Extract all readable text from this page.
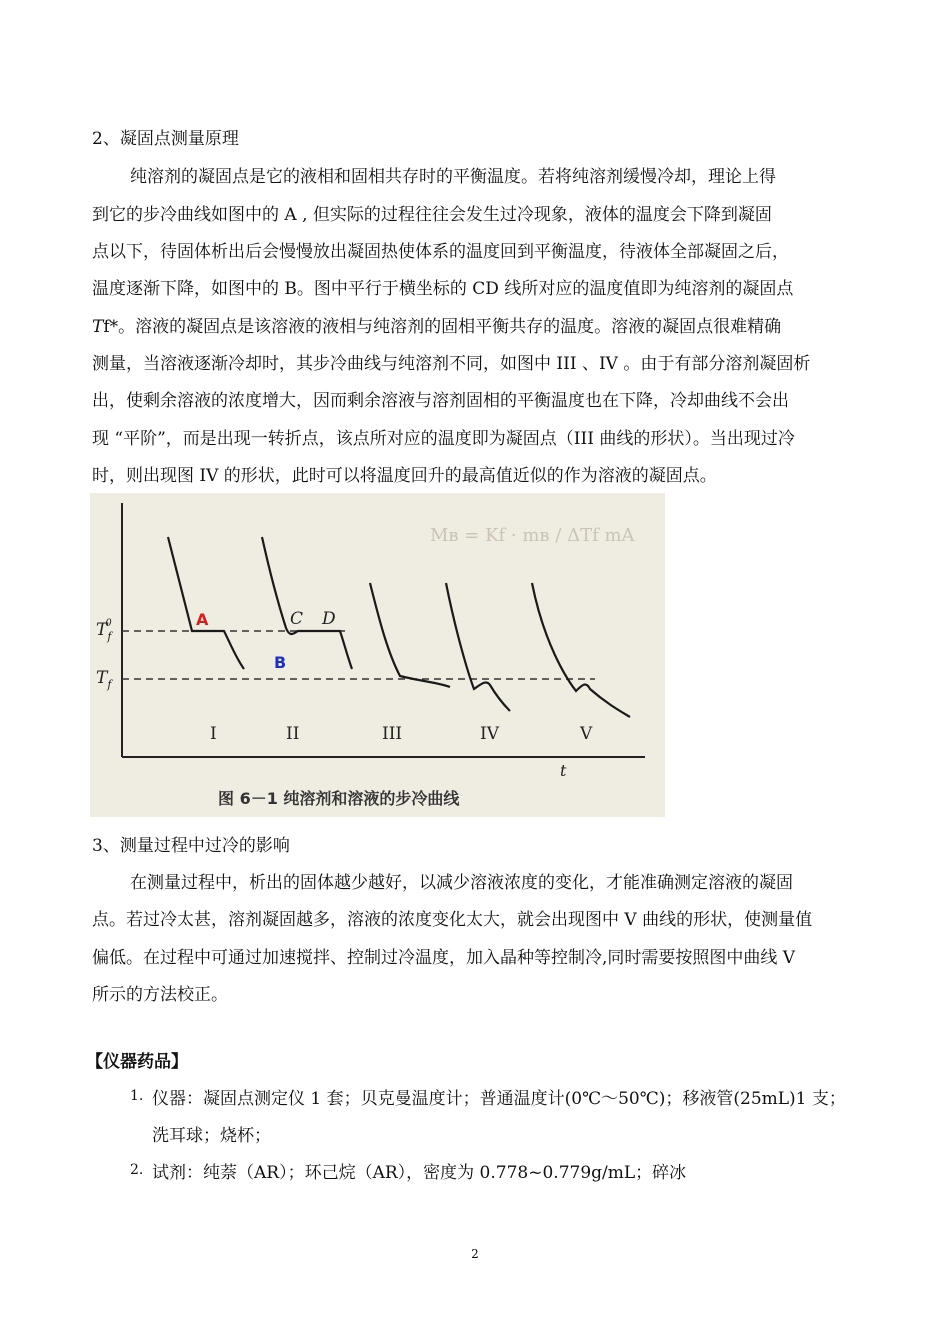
2、凝固点测量原理
纯溶剂的凝固点是它的液相和固相共存时的平衡温度。若将纯溶剂缓慢冷却，理论上得
到它的步冷曲线如图中的 A , 但实际的过程往往会发生过冷现象，液体的温度会下降到凝固
点以下，待固体析出后会慢慢放出凝固热使体系的温度回到平衡温度，待液体全部凝固之后，
温度逐渐下降，如图中的 B。图中平行于横坐标的 CD 线所对应的温度值即为纯溶剂的凝固点
Tf*。溶液的凝固点是该溶液的液相与纯溶剂的固相平衡共存的温度。溶液的凝固点很难精确
测量，当溶液逐渐冷却时，其步冷曲线与纯溶剂不同，如图中 III 、IV 。由于有部分溶剂凝固析
出，使剩余溶液的浓度增大，因而剩余溶液与溶剂固相的平衡温度也在下降，冷却曲线不会出
现 “平阶”，而是出现一转折点，该点所对应的温度即为凝固点（III 曲线的形状）。当出现过冷
时，则出现图 IV 的形状，此时可以将温度回升的最高值近似的作为溶液的凝固点。
Mв = Kf · mв / ΔTf mA
$T_f0$
$T_f$
t
A
B
C D
I	II	III	IV	V
图 6－1 纯溶剂和溶液的步冷曲线
3、测量过程中过冷的影响
在测量过程中，析出的固体越少越好，以减少溶液浓度的变化，才能准确测定溶液的凝固
点。若过冷太甚，溶剂凝固越多，溶液的浓度变化太大，就会出现图中 V 曲线的形状，使测量值
偏低。在过程中可通过加速搅拌、控制过冷温度，加入晶种等控制冷,同时需要按照图中曲线 V
所示的方法校正。
【仪器药品】
1. 仪器：凝固点测定仪 1 套；贝克曼温度计；普通温度计(0℃～50℃)；移液管(25mL)1 支；
洗耳球；烧杯；
2. 试剂：纯萘（AR）；环己烷（AR），密度为 0.778~0.779g/mL；碎冰
2
